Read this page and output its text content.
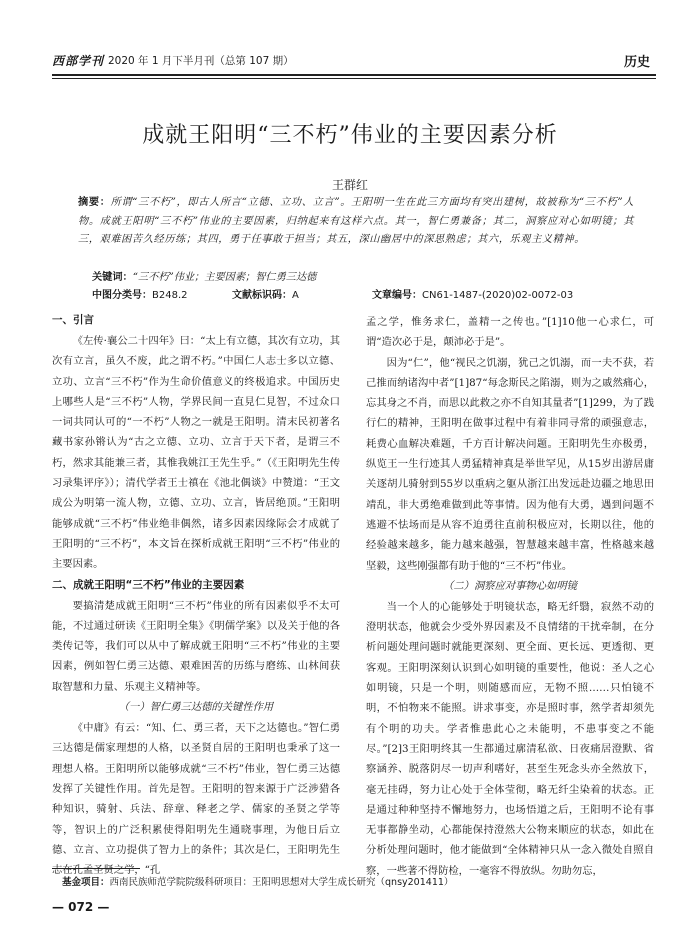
西部学刊 2020 年 1 月下半月刊（总第 107 期）	历史
成就王阳明“三不朽”伟业的主要因素分析
王群红
摘要：所谓“三不朽”，即古人所言“立德、立功、立言”。王阳明一生在此三方面均有突出建树，故被称为“三不朽”人物。成就王阳明“三不朽”伟业的主要因素，归纳起来有这样六点。其一，智仁勇兼备；其二，洞察应对心如明镜；其三，艰难困苦久经历练；其四，勇于任事敢于担当；其五，深山幽居中的深思熟虑；其六，乐观主义精神。
关键词：“三不朽”伟业；主要因素；智仁勇三达德
中图分类号：B248.2	文献标识码：A	文章编号：CN61-1487-(2020)02-0072-03
一、引言

《左传·襄公二十四年》曰：“太上有立德，其次有立功，其次有立言，虽久不废，此之谓不朽。”中国仁人志士多以立德、立功、立言“三不朽”作为生命价值意义的终极追求。中国历史上哪些人是“三不朽”人物，学界民间一直見仁見智，不过众口一词共同认可的“一不朽”人物之一就是王阳明。清末民初著名藏书家孙锵认为“古之立德、立功、立言于天下者，是谓三不朽，然求其能兼三者，其惟我姚江王先生乎。”（《王阳明先生传习录集评序》）；清代学者王士禛在《池北偶谈》中赞道：“王文成公为明第一流人物，立德、立功、立言，皆居绝顶。”王阳明能够成就“三不朽”伟业绝非偶然，诸多因素因缘际会才成就了王阳明的“三不朽”，本文旨在探析成就王阳明“三不朽”伟业的主要因素。

二、成就王阳明“三不朽”伟业的主要因素

要搞清楚成就王阳明“三不朽”伟业的所有因素似乎不太可能，不过通过研读《王阳明全集》《明儒学案》以及关于他的各类传记等，我们可以从中了解成就王阳明“三不朽”伟业的主要因素，例如智仁勇三达德、艰难困苦的历练与磨练、山林间获取智慧和力量、乐观主义精神等。

（一）智仁勇三达德的关键性作用

《中庸》有云：“知、仁、勇三者，天下之达德也。”智仁勇三达德是儒家理想的人格，以圣贤自居的王阳明也秉承了这一理想人格。王阳明所以能够成就“三不朽”伟业，智仁勇三达德发挥了关键性作用。首先是智。王阳明的智来源于广泛涉猎各种知识，骑射、兵法、辞章、释老之学、儒家的圣贤之学等等，智识上的广泛积累使得阳明先生通晓事理，为他日后立德、立言、立功提供了智力上的条件；其次是仁，王阳明先生志在孔孟圣贤之学，“孔

孟之学，惟务求仁，盖精一之传也。”[1]10他一心求仁，可谓“造次必于是，颠沛必于是”。

因为“仁”，他“视民之饥溺，犹己之饥溺，而一夫不获，若己推而纳诸沟中者”[1]87“每念斯民之陷溺，则为之戚然痛心，忘其身之不肖，而思以此救之亦不自知其量者”[1]299，为了践行仁的精神，王阳明在做事过程中有着非同寻常的顽强意志，耗费心血解决难题，千方百计解决问题。王阳明先生亦极勇，纵览王一生行迹其人勇猛精神真是举世罕见，从15岁出游居庸关逐胡儿骑射到55岁以重病之躯从浙江出发远赴边疆之地思田靖乱，非大勇绝难做到此等事情。因为他有大勇，遇到问题不逃避不怯场而是从容不迫勇往直前积极应对，长期以往，他的经验越来越多，能力越来越强，智慧越来越丰富，性格越来越坚毅，这些刚强都有助于他的“三不朽”伟业。

（二）洞察应对事物心如明镜

当一个人的心能够处于明镜状态，略无纤翳，寂然不动的澄明状态，他就会少受外界因素及不良情绪的干扰牵制，在分析问题处理问题时就能更深刻、更全面、更长远、更透彻、更客观。王阳明深刻认识到心如明镜的重要性，他说：圣人之心如明镜，只是一个明，则随感而应，无物不照……只怕镜不明，不怕物来不能照。讲求事变，亦是照时事，然学者却须先有个明的功夫。学者惟患此心之未能明，不患事变之不能尽。”[2]3王阳明终其一生都通过廓清私欲、日夜痛居澄默、省察涵养、脱落阴尽一切声利嗜好，甚至生死念头亦全然放下，毫无挂碍，努力让心处于全体莹彻，略无纤尘染着的状态。正是通过种种坚持不懈地努力，也场悟道之后，王阳明不论有事无事都静坐动，心都能保持澄然大公物来顺应的状态，如此在分析处理问题时，他才能做到“全体精神只从一念入微处自照自察，一些著不得防检，一毫容不得放纵。勿助勿忘，

基金项目：西南民族师范学院院级科研项目：王阳明思想对大学生成长研究（qnsy201411）
— 072 —
